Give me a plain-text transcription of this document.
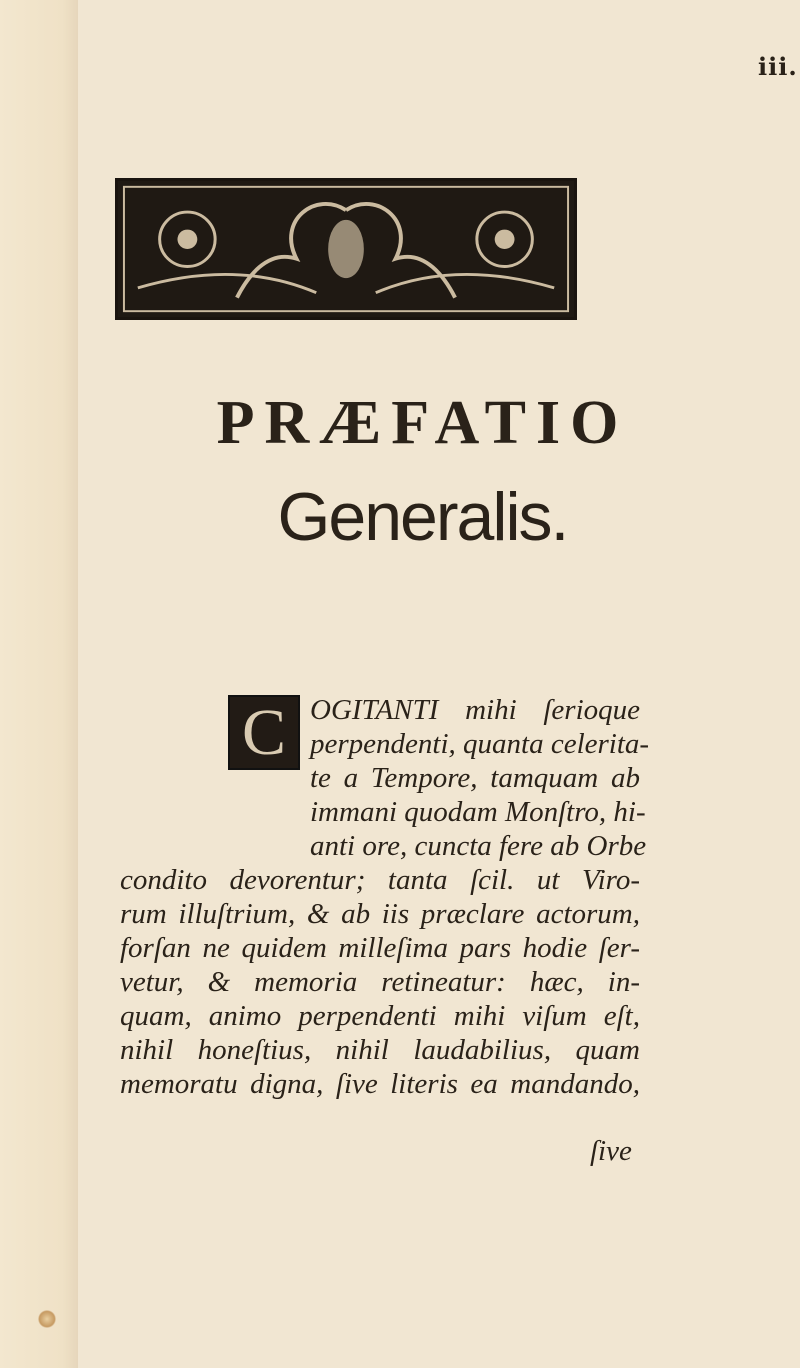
iii.
PRÆFATIO
Generalis.
C OGITANTI mihi ſerioque
perpendenti, quanta celerita-
te a Tempore, tamquam ab
immani quodam Monſtro, hi-
anti ore, cuncta fere ab Orbe
condito devorentur; tanta ſcil. ut Viro-
rum illuſtrium, & ab iis præclare actorum,
forſan ne quidem milleſima pars hodie ſer-
vetur, & memoria retineatur: hæc, in-
quam, animo perpendenti mihi viſum eſt,
nihil honeſtius, nihil laudabilius, quam
memoratu digna, ſive literis ea mandando,
ſive
